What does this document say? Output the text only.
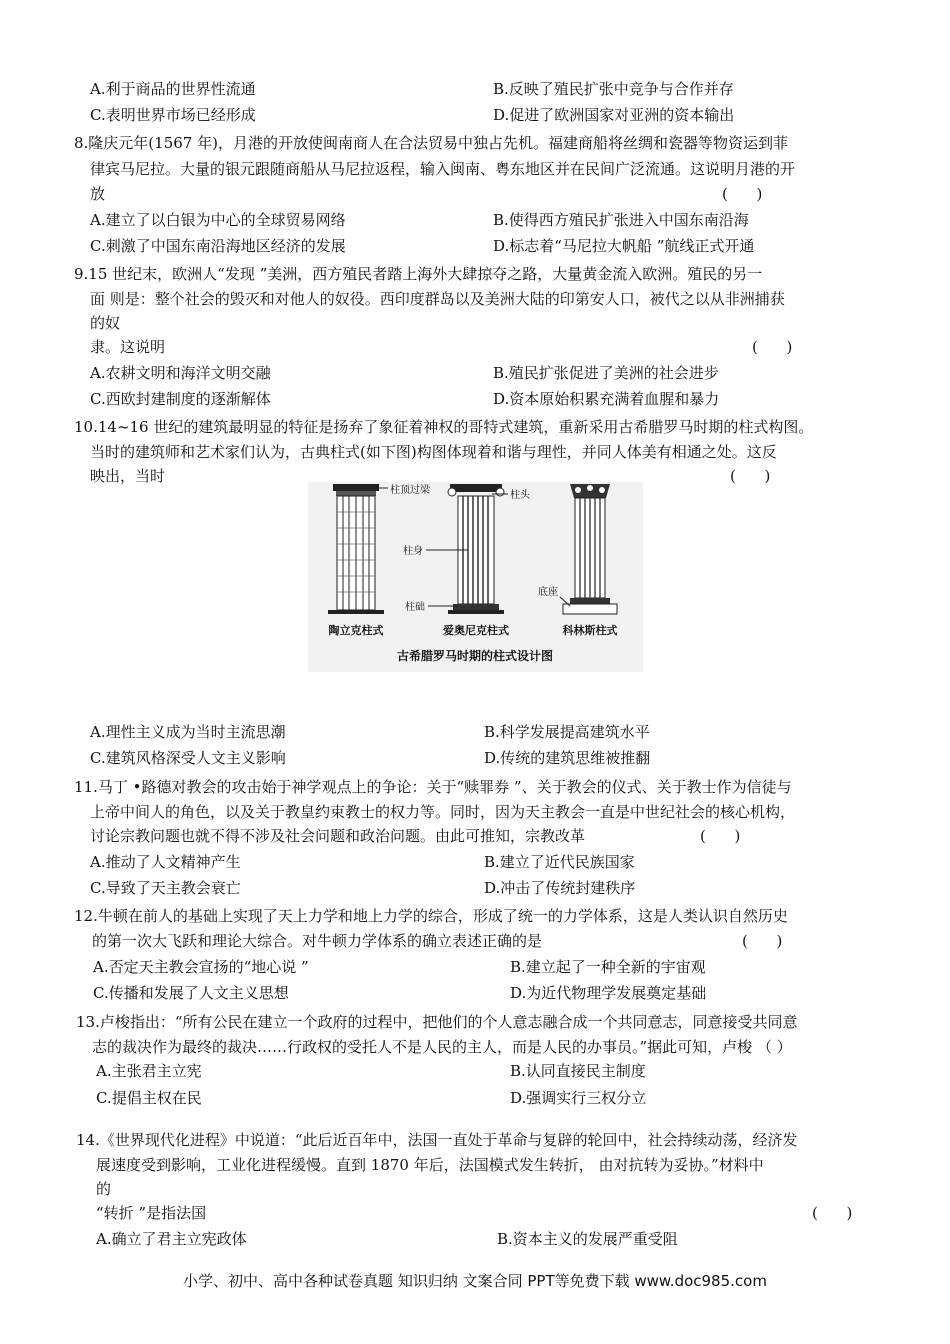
A.利于商品的世界性流通	B.反映了殖民扩张中竞争与合作并存
C.表明世界市场已经形成	D.促进了欧洲国家对亚洲的资本输出
8.隆庆元年(1567 年)，月港的开放使闽南商人在合法贸易中独占先机。福建商船将丝绸和瓷器等物资运到菲
律宾马尼拉。大量的银元跟随商船从马尼拉返程，输入闽南、粤东地区并在民间广泛流通。这说明月港的开
放	(      )
A.建立了以白银为中心的全球贸易网络	B.使得西方殖民扩张进入中国东南沿海
C.刺激了中国东南沿海地区经济的发展	D.标志着“马尼拉大帆船 ”航线正式开通
9.15 世纪末，欧洲人“发现 ”美洲，西方殖民者踏上海外大肆掠夺之路，大量黄金流入欧洲。殖民的另一
面 则是：整个社会的毁灭和对他人的奴役。西印度群岛以及美洲大陆的印第安人口，被代之以从非洲捕获
的奴
隶。这说明	(      )
A.农耕文明和海洋文明交融	B.殖民扩张促进了美洲的社会进步
C.西欧封建制度的逐渐解体	D.资本原始积累充满着血腥和暴力
10.14~16 世纪的建筑最明显的特征是扬弃了象征着神权的哥特式建筑，重新采用古希腊罗马时期的柱式构图。
当时的建筑师和艺术家们认为，古典柱式(如下图)构图体现着和谐与理性，并同人体美有相通之处。这反
映出，当时	(      )
柱顶过梁	柱头
柱身
柱础
底座
陶立克柱式	爱奥尼克柱式	科林斯柱式
古希腊罗马时期的柱式设计图
A.理性主义成为当时主流思潮	B.科学发展提高建筑水平
C.建筑风格深受人文主义影响	D.传统的建筑思维被推翻
11.马丁 •路德对教会的攻击始于神学观点上的争论：关于“赎罪券 ”、关于教会的仪式、关于教士作为信徒与
上帝中间人的角色，以及关于教皇约束教士的权力等。同时，因为天主教会一直是中世纪社会的核心机构，
讨论宗教问题也就不得不涉及社会问题和政治问题。由此可推知，宗教改革	(      )
A.推动了人文精神产生	B.建立了近代民族国家
C.导致了天主教会衰亡	D.冲击了传统封建秩序
12.牛顿在前人的基础上实现了天上力学和地上力学的综合，形成了统一的力学体系，这是人类认识自然历史
的第一次大飞跃和理论大综合。对牛顿力学体系的确立表述正确的是	(      )
A.否定天主教会宣扬的“地心说 ”	B.建立起了一种全新的宇宙观
C.传播和发展了人文主义思想	D.为近代物理学发展奠定基础
13.卢梭指出：“所有公民在建立一个政府的过程中，把他们的个人意志融合成一个共同意志，同意接受共同意
志的裁决作为最终的裁决……行政权的受托人不是人民的主人，而是人民的办事员。”据此可知，卢梭 （ ）
A.主张君主立宪	B.认同直接民主制度
C.提倡主权在民	D.强调实行三权分立
14.《世界现代化进程》中说道：“此后近百年中，法国一直处于革命与复辟的轮回中，社会持续动荡，经济发
展速度受到影响，工业化进程缓慢。直到 1870 年后，法国模式发生转折， 由对抗转为妥协。”材料中
的
“转折 ”是指法国	(      )
A.确立了君主立宪政体	B.资本主义的发展严重受阻
小学、初中、高中各种试卷真题 知识归纳 文案合同 PPT等免费下载 www.doc985.com
